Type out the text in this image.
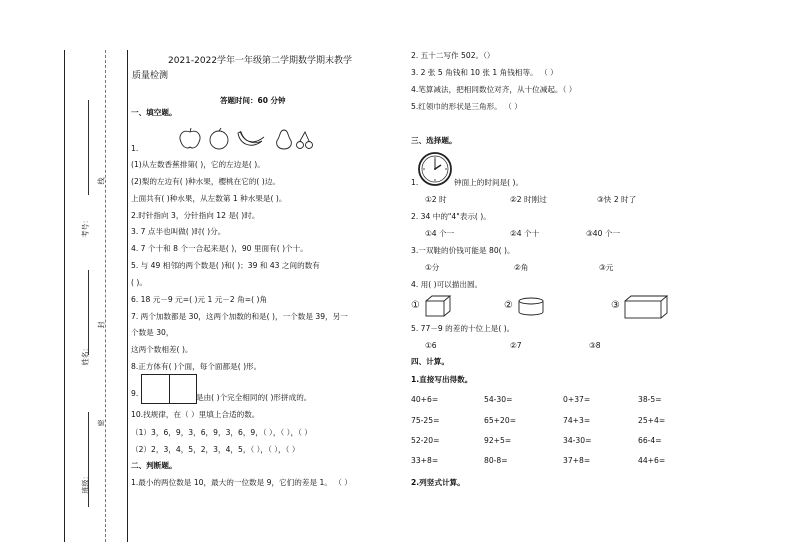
考号：
姓名：
班级：
线
封
密
2021-2022学年一年级第二学期数学期末教学
质量检测
答题时间：60 分钟
一、填空题。
1.
(1)从左数香蕉排第( )，它的左边是( )。
(2)梨的左边有( )种水果，樱桃在它的( )边。
上面共有( )种水果，从左数第 1 种水果是( )。
2.时针指向 3，分针指向 12 是( )时。
3. 7 点半也叫做( )时( )分。
4. 7 个十和 8 个一合起来是( )，90 里面有( )个十。
5. 与 49 相邻的两个数是( )和( )；39 和 43 之间的数有
( )。
6. 18 元－9 元=( )元 1 元－2 角=( )角
7. 两个加数都是 30，这两个加数的和是( )，一个数是 39，另一
个数是 30，
这两个数相差( )。
8.正方体有( )个面，每个面都是( )形。
9.	是由( )个完全相同的( )形拼成的。
10.找规律，在（ ）里填上合适的数。
（1）3，6，9，3，6，9，3，6，9，（ ），（ ），（ ）
（2）2，3，4，5，2，3，4，5，（ ），（ ），（ ）
二、判断题。
1.最小的两位数是 10，最大的一位数是 9，它们的差是 1。 （ ）
2. 五十二写作 502。（）
3. 2 张 5 角钱和 10 张 1 角钱相等。 （ ）
4.笔算减法，把相同数位对齐，从十位减起。（ ）
5.红领巾的形状是三角形。 （ ）
三、选择题。
1.	钟面上的时间是( )。
①2 时	②2 时刚过	③快 2 时了
2. 34 中的"4"表示( )。
①4 个一	②4 个十	③40 个一
3.一双鞋的价钱可能是 80( )。
①分	②角	③元
4. 用( )可以描出圆。
①	②	③
5. 77－9 的差的十位上是( )。
①6	②7	③8
四、计算。
1.直接写出得数。
40+6=	54-30=	0+37=	38-5=
75-25=	65+20=	74+3=	25+4=
52-20=	92+5=	34-30=	66-4=
33+8=	80-8=	37+8=	44+6=
2.列竖式计算。
